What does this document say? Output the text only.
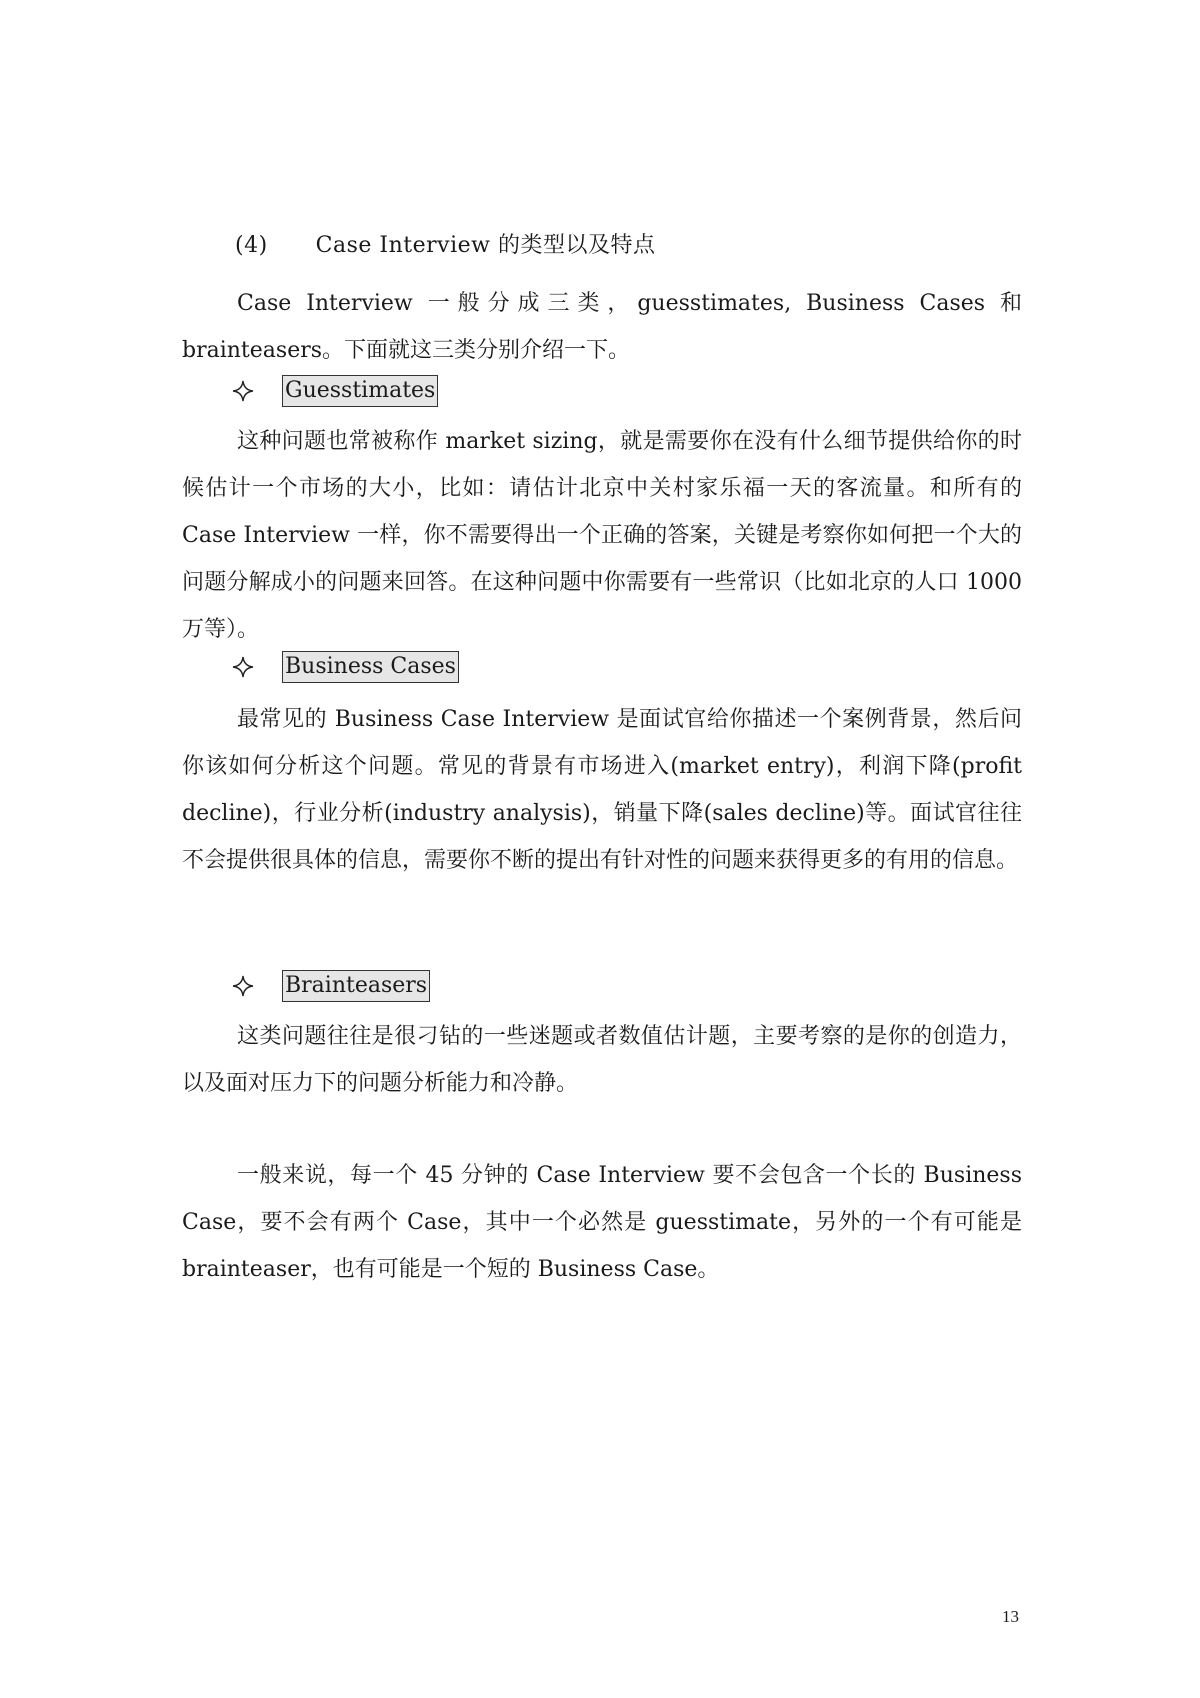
(4) Case Interview 的类型以及特点

Case Interview 一般分成三类，guesstimates, Business Cases 和 brainteasers。下面就这三类分别介绍一下。

Guesstimates

这种问题也常被称作 market sizing，就是需要你在没有什么细节提供给你的时候估计一个市场的大小，比如：请估计北京中关村家乐福一天的客流量。和所有的 Case Interview 一样，你不需要得出一个正确的答案，关键是考察你如何把一个大的问题分解成小的问题来回答。在这种问题中你需要有一些常识（比如北京的人口 1000 万等）。

Business Cases

最常见的 Business Case Interview 是面试官给你描述一个案例背景，然后问你该如何分析这个问题。常见的背景有市场进入(market entry)，利润下降(profit decline)，行业分析(industry analysis)，销量下降(sales decline)等。面试官往往不会提供很具体的信息，需要你不断的提出有针对性的问题来获得更多的有用的信息。

Brainteasers

这类问题往往是很刁钻的一些迷题或者数值估计题，主要考察的是你的创造力，以及面对压力下的问题分析能力和冷静。

一般来说，每一个 45 分钟的 Case Interview 要不会包含一个长的 Business Case，要不会有两个 Case，其中一个必然是 guesstimate，另外的一个有可能是 brainteaser，也有可能是一个短的 Business Case。

13
